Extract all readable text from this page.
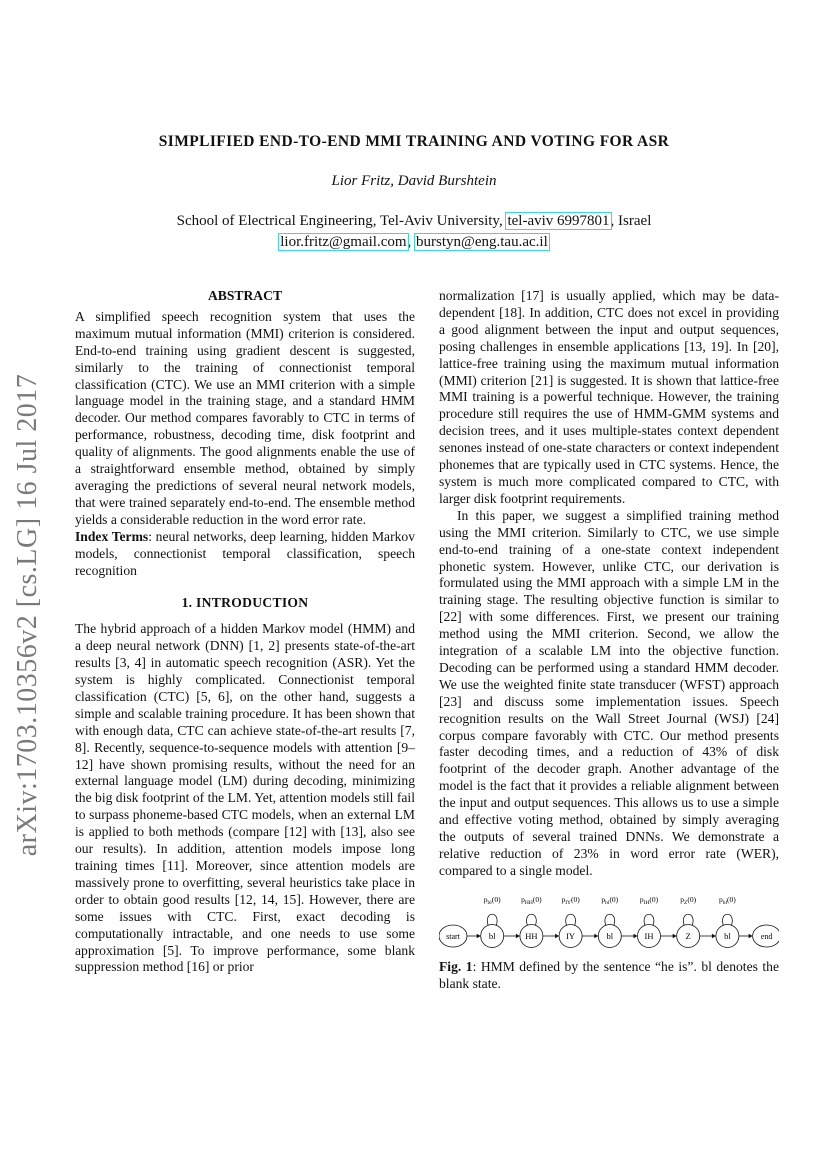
arXiv:1703.10356v2 [cs.LG] 16 Jul 2017
SIMPLIFIED END-TO-END MMI TRAINING AND VOTING FOR ASR
Lior Fritz, David Burshtein
School of Electrical Engineering, Tel-Aviv University, tel-aviv 6997801, Israel
lior.fritz@gmail.com, burstyn@eng.tau.ac.il
ABSTRACT

A simplified speech recognition system that uses the maximum mutual information (MMI) criterion is considered. End-to-end training using gradient descent is suggested, similarly to the training of connectionist temporal classification (CTC). We use an MMI criterion with a simple language model in the training stage, and a standard HMM decoder. Our method compares favorably to CTC in terms of performance, robustness, decoding time, disk footprint and quality of alignments. The good alignments enable the use of a straightforward ensemble method, obtained by simply averaging the predictions of several neural network models, that were trained separately end-to-end. The ensemble method yields a considerable reduction in the word error rate.

Index Terms: neural networks, deep learning, hidden Markov models, connectionist temporal classification, speech recognition

1. INTRODUCTION

The hybrid approach of a hidden Markov model (HMM) and a deep neural network (DNN) [1, 2] presents state-of-the-art results [3, 4] in automatic speech recognition (ASR). Yet the system is highly complicated. Connectionist temporal classification (CTC) [5, 6], on the other hand, suggests a simple and scalable training procedure. It has been shown that with enough data, CTC can achieve state-of-the-art results [7, 8]. Recently, sequence-to-sequence models with attention [9–12] have shown promising results, without the need for an external language model (LM) during decoding, minimizing the big disk footprint of the LM. Yet, attention models still fail to surpass phoneme-based CTC models, when an external LM is applied to both methods (compare [12] with [13], also see our results). In addition, attention models impose long training times [11]. Moreover, since attention models are massively prone to overfitting, several heuristics take place in order to obtain good results [12, 14, 15]. However, there are some issues with CTC. First, exact decoding is computationally intractable, and one needs to use some approximation [5]. To improve performance, some blank suppression method [16] or prior

normalization [17] is usually applied, which may be data-dependent [18]. In addition, CTC does not excel in providing a good alignment between the input and output sequences, posing challenges in ensemble applications [13, 19]. In [20], lattice-free training using the maximum mutual information (MMI) criterion [21] is suggested. It is shown that lattice-free MMI training is a powerful technique. However, the training procedure still requires the use of HMM-GMM systems and decision trees, and it uses multiple-states context dependent senones instead of one-state characters or context independent phonemes that are typically used in CTC systems. Hence, the system is much more complicated compared to CTC, with larger disk footprint requirements.

In this paper, we suggest a simplified training method using the MMI criterion. Similarly to CTC, we use simple end-to-end training of a one-state context independent phonetic system. However, unlike CTC, our derivation is formulated using the MMI approach with a simple LM in the training stage. The resulting objective function is similar to [22] with some differences. First, we present our training method using the MMI criterion. Second, we allow the integration of a scalable LM into the objective function. Decoding can be performed using a standard HMM decoder. We use the weighted finite state transducer (WFST) approach [23] and discuss some implementation issues. Speech recognition results on the Wall Street Journal (WSJ) [24] corpus compare favorably with CTC. Our method presents faster decoding times, and a reduction of 43% of disk footprint of the decoder graph. Another advantage of the model is the fact that it provides a reliable alignment between the input and output sequences. This allows us to use a simple and effective voting method, obtained by simply averaging the outputs of several trained DNNs. We demonstrate a relative reduction of 23% in word error rate (WER), compared to a single model.

start	bl
$p_{bl}(0)$
HH
$p_{HH}(0)$
IY
$p_{IY}(0)$
bl
$p_{bl}(0)$
IH
$p_{IH}(0)$
Z
$p_Z(0)$
bl
$p_{bl}(0)$
end

Fig. 1: HMM defined by the sentence “he is”. bl denotes the blank state.
